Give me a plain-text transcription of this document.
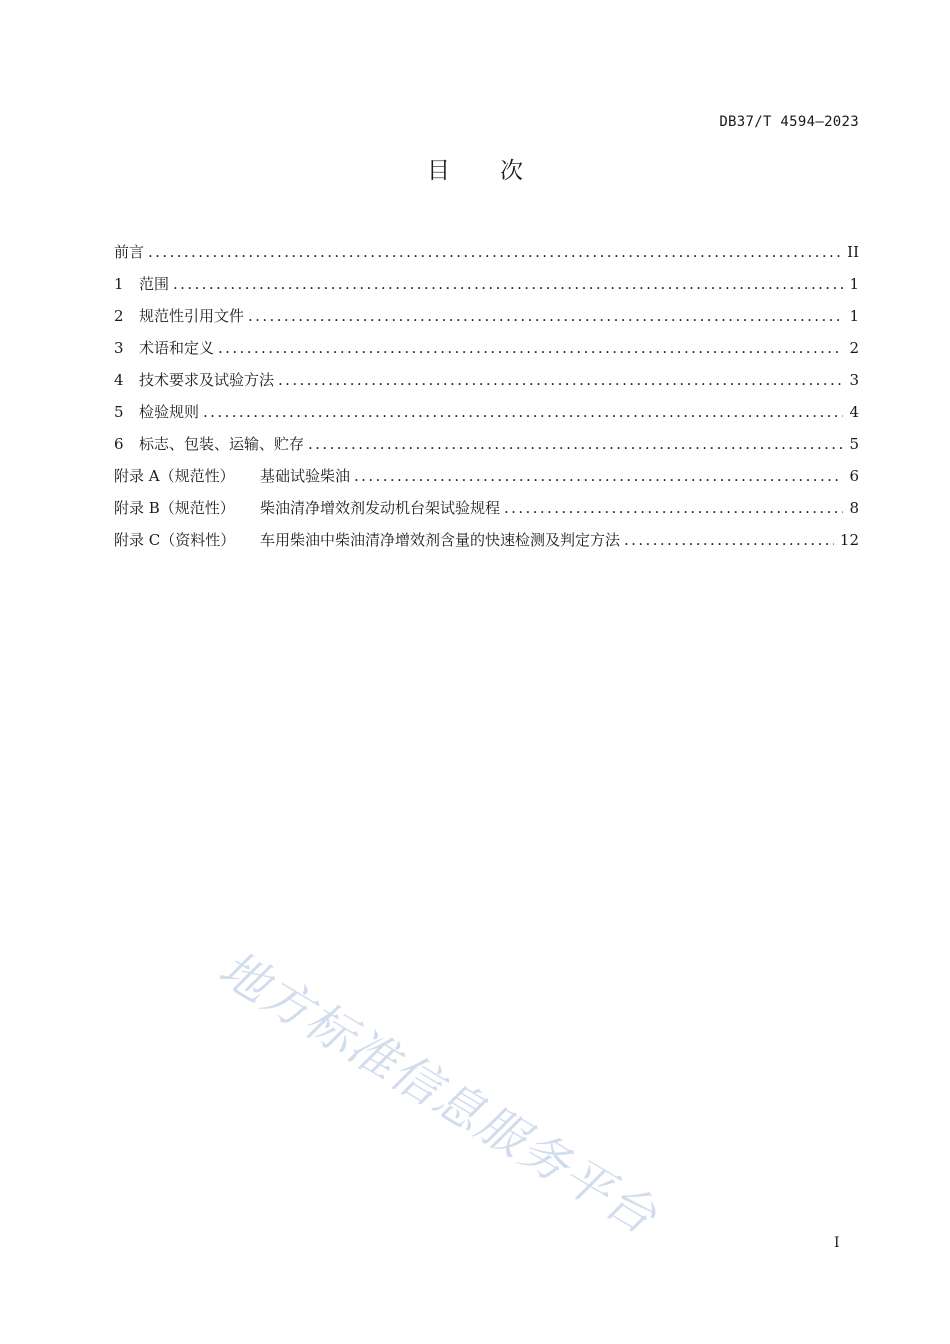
DB37/T 4594—2023
目次
前言 .....	II
1	范围 .....	1
2	规范性引用文件 .....	1
3	术语和定义 .....	2
4	技术要求及试验方法 .....	3
5	检验规则 .....	4
6	标志、包装、运输、贮存 .....	5
附录 A（规范性）	基础试验柴油 .....	6
附录 B（规范性）	柴油清净增效剂发动机台架试验规程 .....	8
附录 C（资料性）	车用柴油中柴油清净增效剂含量的快速检测及判定方法 .....	12
地方标准信息服务平台	I
